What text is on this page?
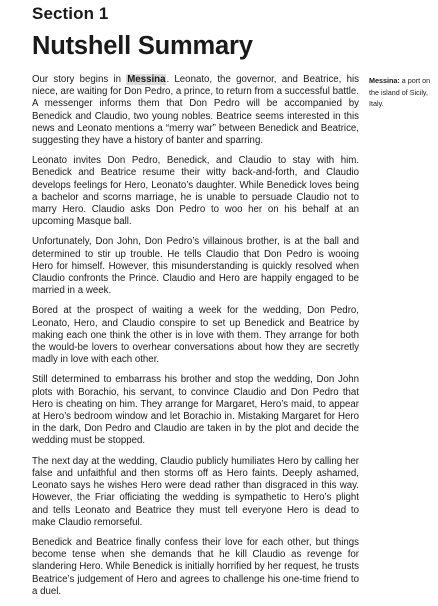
Section 1
Nutshell Summary

Our story begins in Messina. Leonato, the governor, and Beatrice, his niece, are waiting for Don Pedro, a prince, to return from a successful battle. A messenger informs them that Don Pedro will be accompanied by Benedick and Claudio, two young nobles. Beatrice seems interested in this news and Leonato mentions a “merry war” between Benedick and Beatrice, suggesting they have a history of banter and sparring.

Leonato invites Don Pedro, Benedick, and Claudio to stay with him. Benedick and Beatrice resume their witty back-and-forth, and Claudio develops feelings for Hero, Leonato’s daughter. While Benedick loves being a bachelor and scorns marriage, he is unable to persuade Claudio not to marry Hero. Claudio asks Don Pedro to woo her on his behalf at an upcoming Masque ball.

Unfortunately, Don John, Don Pedro’s villainous brother, is at the ball and determined to stir up trouble. He tells Claudio that Don Pedro is wooing Hero for himself. However, this misunderstanding is quickly resolved when Claudio confronts the Prince. Claudio and Hero are happily engaged to be married in a week.

Bored at the prospect of waiting a week for the wedding, Don Pedro, Leonato, Hero, and Claudio conspire to set up Benedick and Beatrice by making each one think the other is in love with them. They arrange for both the would-be lovers to overhear conversations about how they are secretly madly in love with each other.

Still determined to embarrass his brother and stop the wedding, Don John plots with Borachio, his servant, to convince Claudio and Don Pedro that Hero is cheating on him. They arrange for Margaret, Hero’s maid, to appear at Hero’s bedroom window and let Borachio in. Mistaking Margaret for Hero in the dark, Don Pedro and Claudio are taken in by the plot and decide the wedding must be stopped.

The next day at the wedding, Claudio publicly humiliates Hero by calling her false and unfaithful and then storms off as Hero faints. Deeply ashamed, Leonato says he wishes Hero were dead rather than disgraced in this way. However, the Friar officiating the wedding is sympathetic to Hero’s plight and tells Leonato and Beatrice they must tell everyone Hero is dead to make Claudio remorseful.

Benedick and Beatrice finally confess their love for each other, but things become tense when she demands that he kill Claudio as revenge for slandering Hero. While Benedick is initially horrified by her request, he trusts Beatrice’s judgement of Hero and agrees to challenge his one-time friend to a duel.

Messina: a port on the island of Sicily, Italy.
